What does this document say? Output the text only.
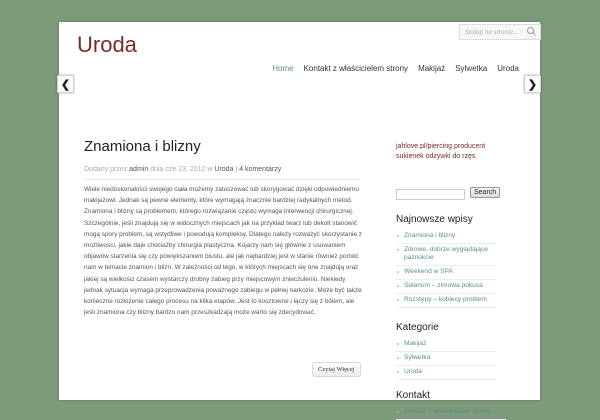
Uroda	Szukaj na stronie...
Home	Kontakt z właścicielem strony	Makijaż	Sylwetka	Uroda
Znamiona i blizny
Dodany przez admin dnia cze 23, 2012 w Uroda | 4 komentarzy

Wiele niedoskonałości swojego ciała możemy zatuszować lub skorygować dzięki odpowiedniemu makijażowi. Jednak są pewne elementy, które wymagają znacznie bardziej radykalnych metod. Znamiona i blizny są problemem, którego rozwiązanie często wymaga interwencji chirurgicznej. Szczególnie, jeśli znajdują się w widocznych miejscach jak na przykład twarz lub dekolt stanowić mogą spory problem, są wstydliwe i powodują kompleksy. Dlatego należy rozważyć skorzystanie z możliwości, jakie daje chociażby chirurgia plastyczna. Kojarzy nam się głównie z usuwaniem objawów starzenia się czy powiększaniem biustu, ale jak najbardziej jest w stanie również pomóc nam w temacie znamion i blizn. W zależności od tego, w których miejscach się one znajdują oraz jakiej są wielkości czasem wystarczy drobny zabieg przy miejscowym znieczuleniu. Niekiedy jednak sytuacja wymaga przeprowadzenia poważnego zabiegu w pełnej narkozie. Może być także konieczne rozłożenie całego procesu na kilka etapów. Jest to kosztowne i łączy się z bólem, ale jeśli znamiona czy blizny bardzo nam przeszkadzają może warto się zdecydować.

Czytaj Więcej
jahlove.pl/piercing producent sukienek odżywki do rzęs
Search
Najnowsze wpisy
Znamiona i blizny
Zdrowe, dobrze wyglądające paznokcie
Weekend w SPA
Solarium – zimowa pokusa
Rozstępy – kobiecy problem
Kategorie
Makijaż
Sylwetka
Uroda
Kontakt
Kontakt z właścicielem strony
❮	❯
